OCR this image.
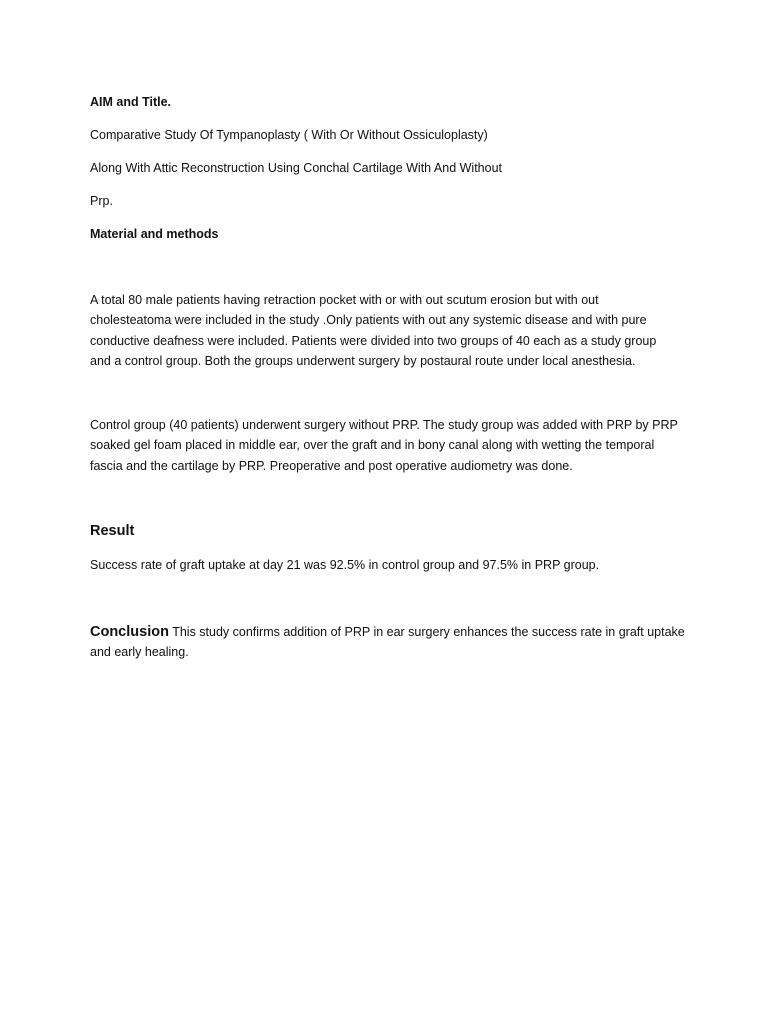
AIM and Title.
Comparative Study Of Tympanoplasty ( With Or Without Ossiculoplasty)
Along With Attic Reconstruction Using Conchal Cartilage With And Without
Prp.
Material and methods
A total 80 male patients having retraction pocket with or with out scutum erosion but with out
cholesteatoma were included in the study .Only patients with out any systemic disease and with pure
conductive deafness were included. Patients were divided into two groups of 40 each as a study group
and a control group. Both the groups underwent surgery by postaural route under local anesthesia.
Control group (40 patients) underwent surgery without PRP. The study group was added with PRP by PRP
soaked gel foam placed in middle ear, over the graft and in bony canal along with wetting the temporal
fascia and the cartilage by PRP. Preoperative and post operative audiometry was done.
Result
Success rate of graft uptake at day 21 was 92.5% in control group and 97.5% in PRP group.
Conclusion This study confirms addition of PRP in ear surgery enhances the success rate in graft uptake
and early healing.
